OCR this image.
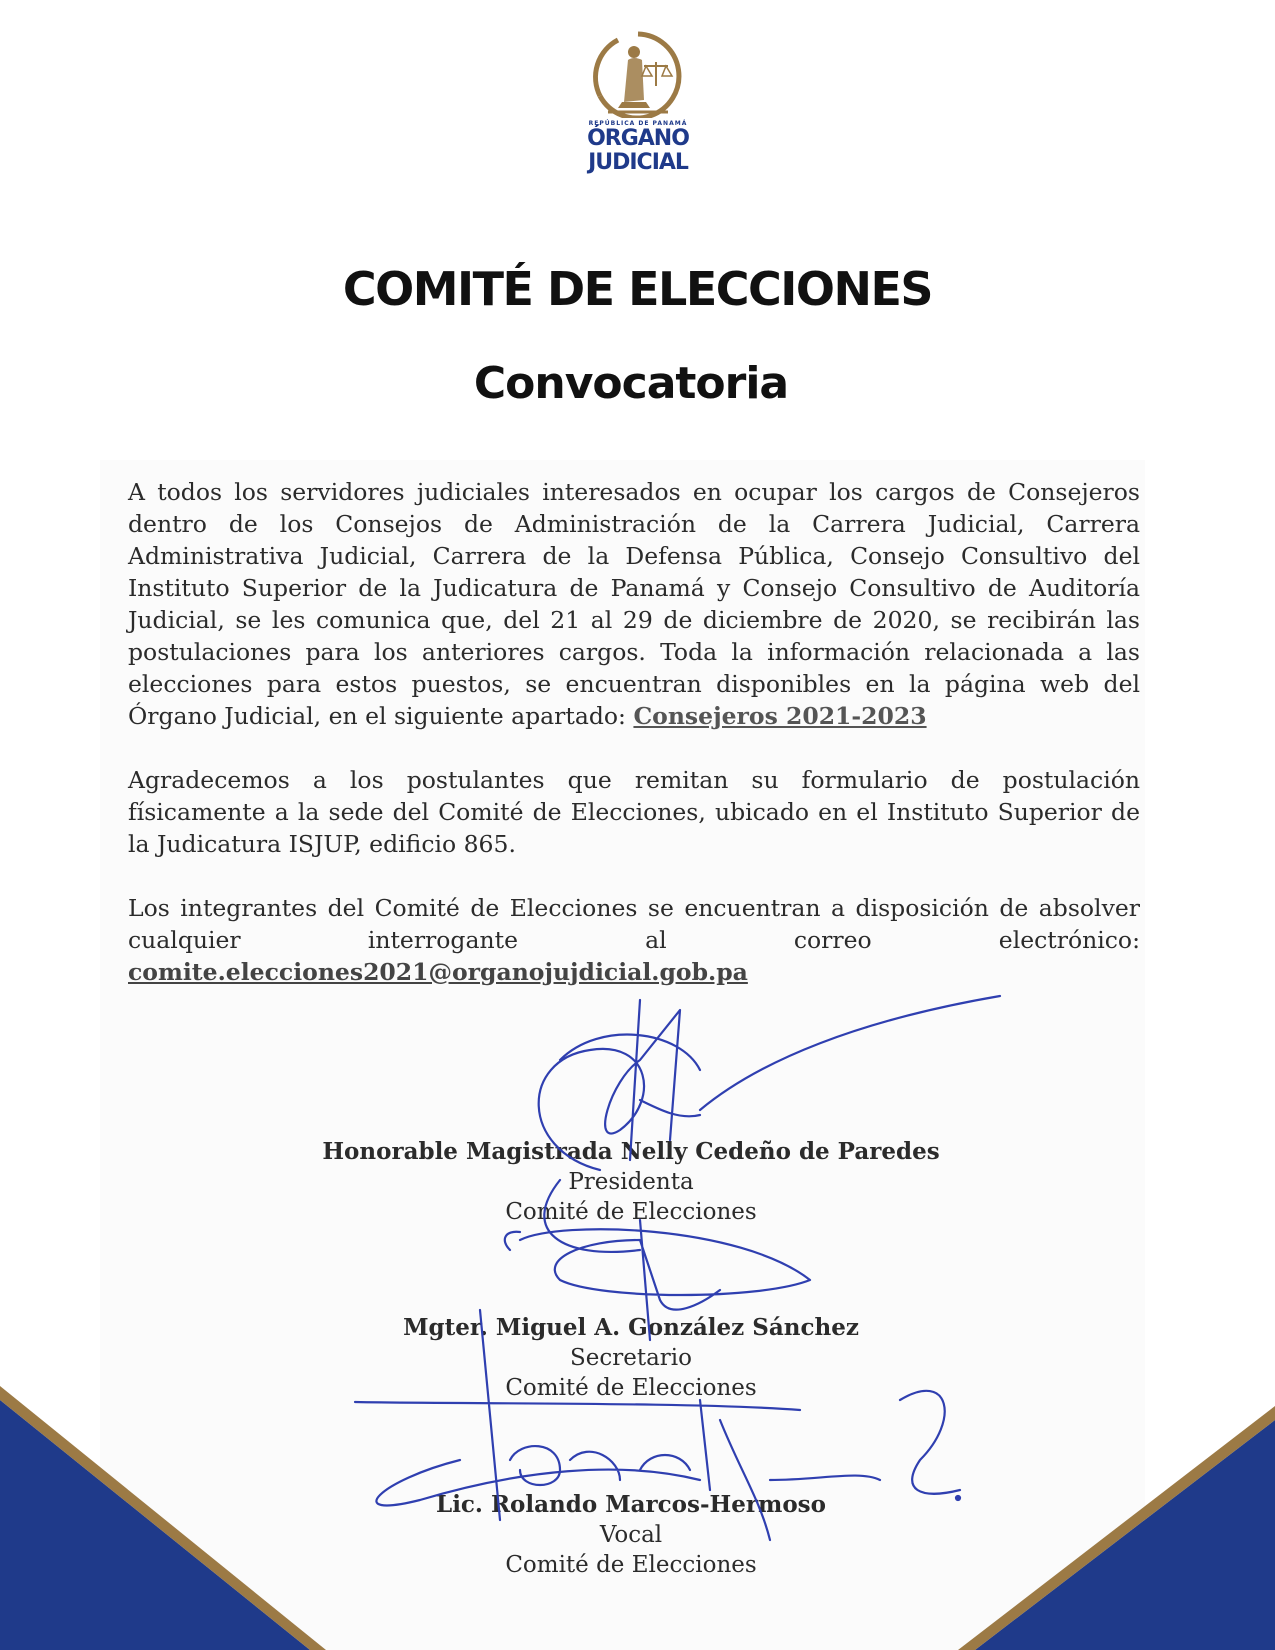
REPÚBLICA DE PANAMÁ
ÓRGANO
JUDICIAL
COMITÉ DE ELECCIONES
Convocatoria

A todos los servidores judiciales interesados en ocupar los cargos de Consejeros dentro de los Consejos de Administración de la Carrera Judicial, Carrera Administrativa Judicial, Carrera de la Defensa Pública, Consejo Consultivo del Instituto Superior de la Judicatura de Panamá y Consejo Consultivo de Auditoría Judicial, se les comunica que, del 21 al 29 de diciembre de 2020, se recibirán las postulaciones para los anteriores cargos. Toda la información relacionada a las elecciones para estos puestos, se encuentran disponibles en la página web del Órgano Judicial, en el siguiente apartado: Consejeros 2021-2023

Agradecemos a los postulantes que remitan su formulario de postulación físicamente a la sede del Comité de Elecciones, ubicado en el Instituto Superior de la Judicatura ISJUP, edificio 865.

Los integrantes del Comité de Elecciones se encuentran a disposición de absolver cualquier interrogante al correo electrónico:
comite.elecciones2021@organojujdicial.gob.pa

Honorable Magistrada Nelly Cedeño de Paredes
Presidenta
Comité de Elecciones
Mgter. Miguel A. González Sánchez
Secretario
Comité de Elecciones
Lic. Rolando Marcos-Hermoso
Vocal
Comité de Elecciones
